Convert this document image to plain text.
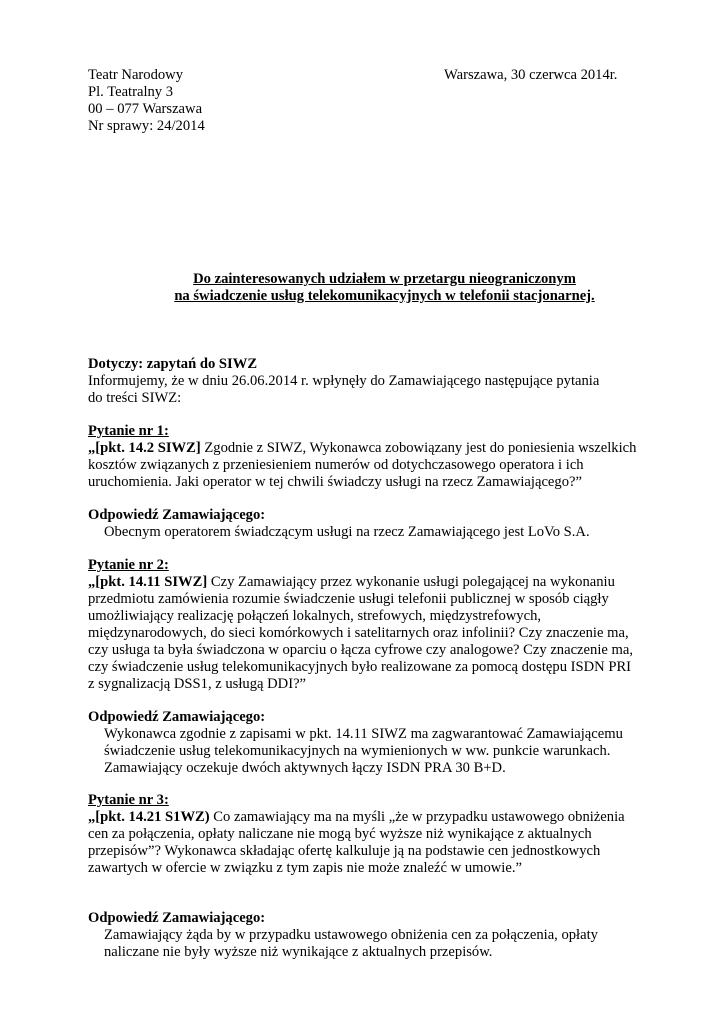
Teatr Narodowy
Pl. Teatralny 3
00 – 077 Warszawa
Nr sprawy: 24/2014
Warszawa, 30 czerwca 2014r.
Do zainteresowanych udziałem w przetargu nieograniczonym
na świadczenie usług telekomunikacyjnych w telefonii stacjonarnej.
Dotyczy: zapytań do SIWZ
Informujemy, że w dniu 26.06.2014 r. wpłynęły do Zamawiającego następujące pytania
do treści SIWZ:
Pytanie nr 1:
„[pkt. 14.2 SIWZ] Zgodnie z SIWZ, Wykonawca zobowiązany jest do poniesienia wszelkich
kosztów związanych z przeniesieniem numerów od dotychczasowego operatora i ich
uruchomienia. Jaki operator w tej chwili świadczy usługi na rzecz Zamawiającego?”
Odpowiedź Zamawiającego:
Obecnym operatorem świadczącym usługi na rzecz Zamawiającego jest LoVo S.A.
Pytanie nr 2:
„[pkt. 14.11 SIWZ] Czy Zamawiający przez wykonanie usługi polegającej na wykonaniu
przedmiotu zamówienia rozumie świadczenie usługi telefonii publicznej w sposób ciągły
umożliwiający realizację połączeń lokalnych, strefowych, międzystrefowych,
międzynarodowych, do sieci komórkowych i satelitarnych oraz infolinii? Czy znaczenie ma,
czy usługa ta była świadczona w oparciu o łącza cyfrowe czy analogowe? Czy znaczenie ma,
czy świadczenie usług telekomunikacyjnych było realizowane za pomocą dostępu ISDN PRI
z sygnalizacją DSS1, z usługą DDI?”
Odpowiedź Zamawiającego:
Wykonawca zgodnie z zapisami w pkt. 14.11 SIWZ ma zagwarantować Zamawiającemu
świadczenie usług telekomunikacyjnych na wymienionych w ww. punkcie warunkach.
Zamawiający oczekuje dwóch aktywnych łączy ISDN PRA 30 B+D.
Pytanie nr 3:
„[pkt. 14.21 S1WZ) Co zamawiający ma na myśli „że w przypadku ustawowego obniżenia
cen za połączenia, opłaty naliczane nie mogą być wyższe niż wynikające z aktualnych
przepisów”? Wykonawca składając ofertę kalkuluje ją na podstawie cen jednostkowych
zawartych w ofercie w związku z tym zapis nie może znaleźć w umowie.”
Odpowiedź Zamawiającego:
Zamawiający żąda by w przypadku ustawowego obniżenia cen za połączenia, opłaty
naliczane nie były wyższe niż wynikające z aktualnych przepisów.
